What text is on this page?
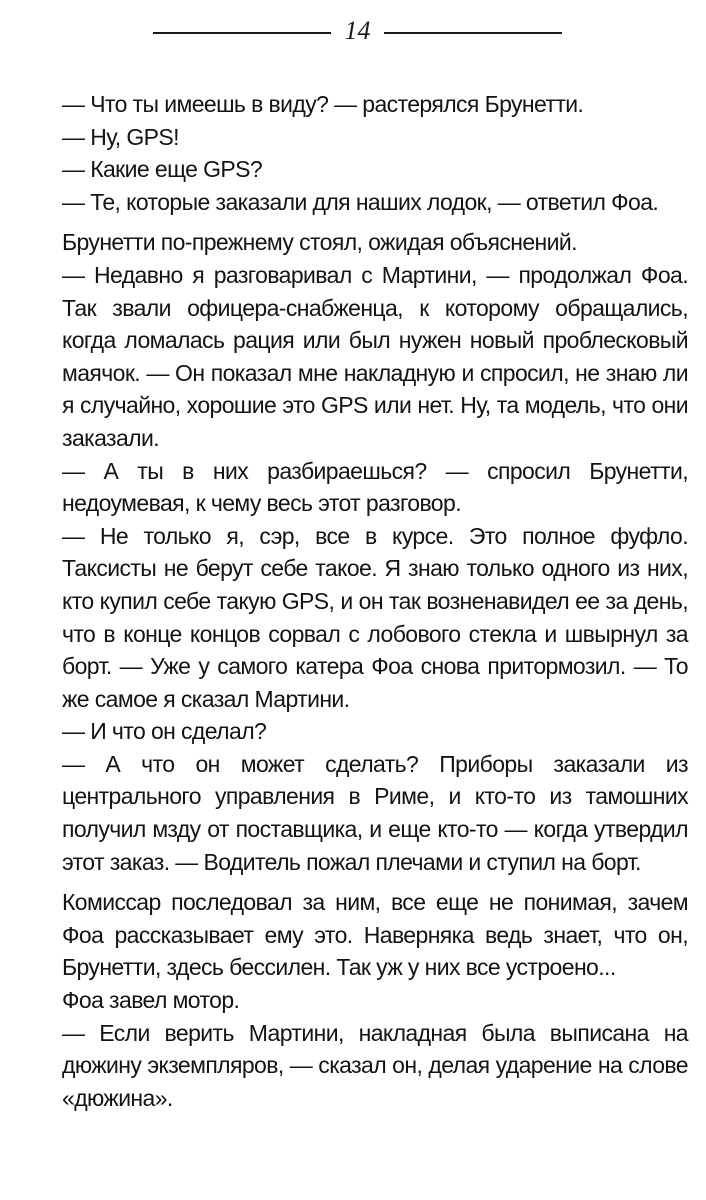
14

— Что ты имеешь в виду? — растерялся Брунетти.

— Ну, GPS!

— Какие еще GPS?

— Те, которые заказали для наших лодок, — ответил Фоа.

Брунетти по-прежнему стоял, ожидая объяснений.

— Недавно я разговаривал с Мартини, — продолжал Фоа. Так звали офицера-снабженца, к которому обращались, когда ломалась рация или был нужен новый проблесковый маячок. — Он показал мне накладную и спросил, не знаю ли я случайно, хорошие это GPS или нет. Ну, та модель, что они заказали.

— А ты в них разбираешься? — спросил Брунетти, недоумевая, к чему весь этот разговор.

— Не только я, сэр, все в курсе. Это полное фуфло. Таксисты не берут себе такое. Я знаю только одного из них, кто купил себе такую GPS, и он так возненавидел ее за день, что в конце концов сорвал с лобового стекла и швырнул за борт. — Уже у самого катера Фоа снова притормозил. — То же самое я сказал Мартини.

— И что он сделал?

— А что он может сделать? Приборы заказали из центрального управления в Риме, и кто-то из тамошних получил мзду от поставщика, и еще кто-то — когда утвердил этот заказ. — Водитель пожал плечами и ступил на борт.

Комиссар последовал за ним, все еще не понимая, зачем Фоа рассказывает ему это. Наверняка ведь знает, что он, Брунетти, здесь бессилен. Так уж у них все устроено...

Фоа завел мотор.

— Если верить Мартини, накладная была выписана на дюжину экземпляров, — сказал он, делая ударение на слове «дюжина».
